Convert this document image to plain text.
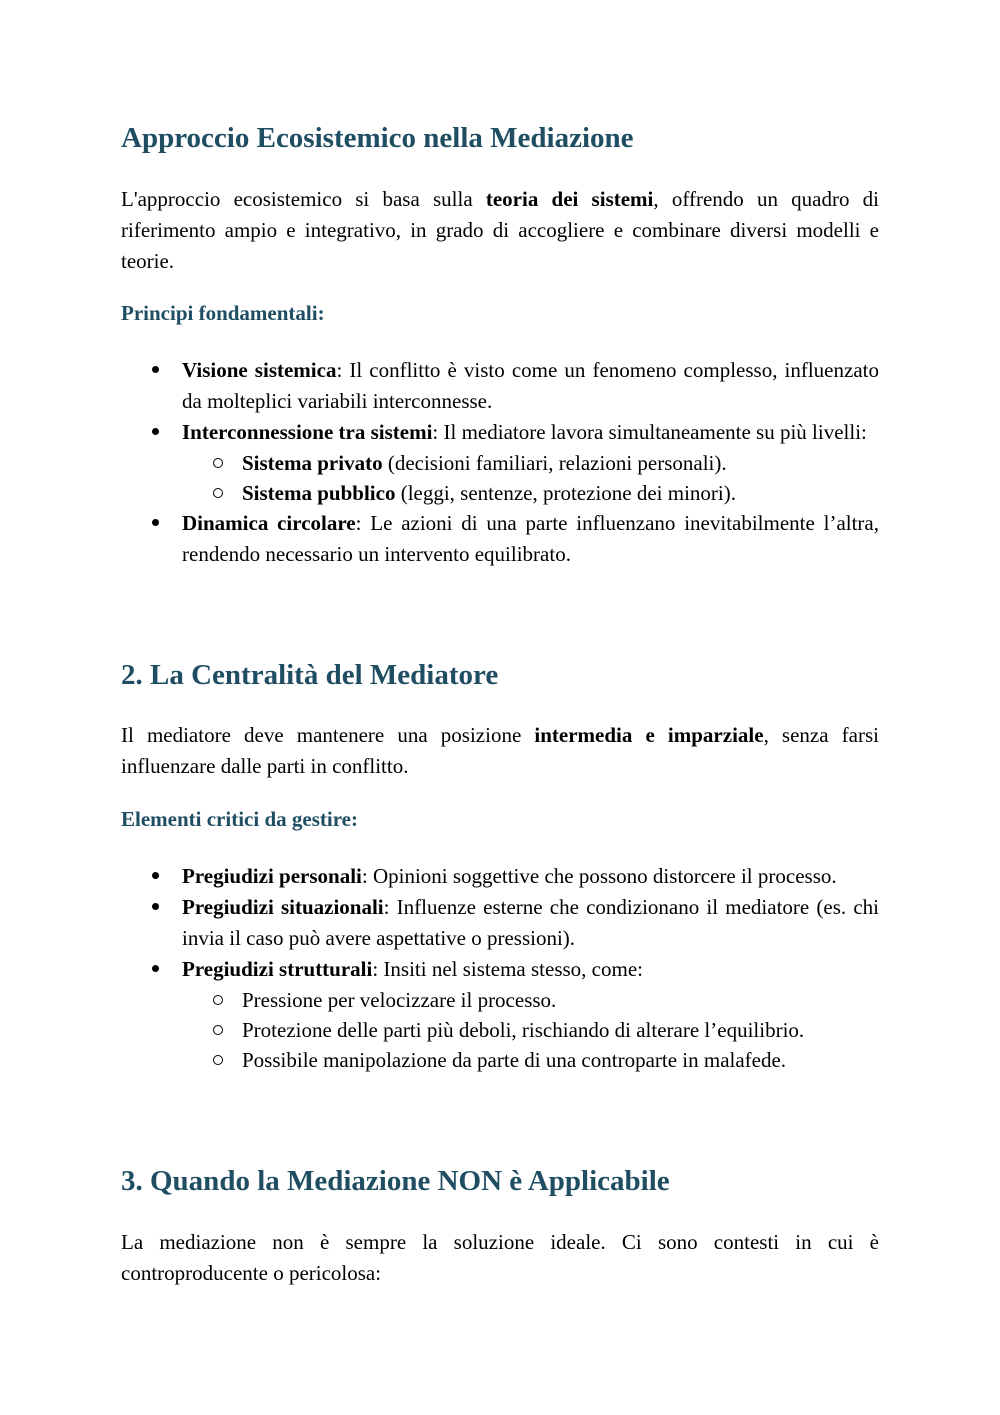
Approccio Ecosistemico nella Mediazione

L'approccio ecosistemico si basa sulla teoria dei sistemi, offrendo un quadro di riferimento ampio e integrativo, in grado di accogliere e combinare diversi modelli e teorie.

Principi fondamentali:
Visione sistemica: Il conflitto è visto come un fenomeno complesso, influenzato da molteplici variabili interconnesse.
Interconnessione tra sistemi: Il mediatore lavora simultaneamente su più livelli:
Sistema privato (decisioni familiari, relazioni personali).
Sistema pubblico (leggi, sentenze, protezione dei minori).
Dinamica circolare: Le azioni di una parte influenzano inevitabilmente l’altra, rendendo necessario un intervento equilibrato.
2. La Centralità del Mediatore

Il mediatore deve mantenere una posizione intermedia e imparziale, senza farsi influenzare dalle parti in conflitto.

Elementi critici da gestire:
Pregiudizi personali: Opinioni soggettive che possono distorcere il processo.
Pregiudizi situazionali: Influenze esterne che condizionano il mediatore (es. chi invia il caso può avere aspettative o pressioni).
Pregiudizi strutturali: Insiti nel sistema stesso, come:
Pressione per velocizzare il processo.
Protezione delle parti più deboli, rischiando di alterare l’equilibrio.
Possibile manipolazione da parte di una controparte in malafede.
3. Quando la Mediazione NON è Applicabile

La mediazione non è sempre la soluzione ideale. Ci sono contesti in cui è controproducente o pericolosa:
